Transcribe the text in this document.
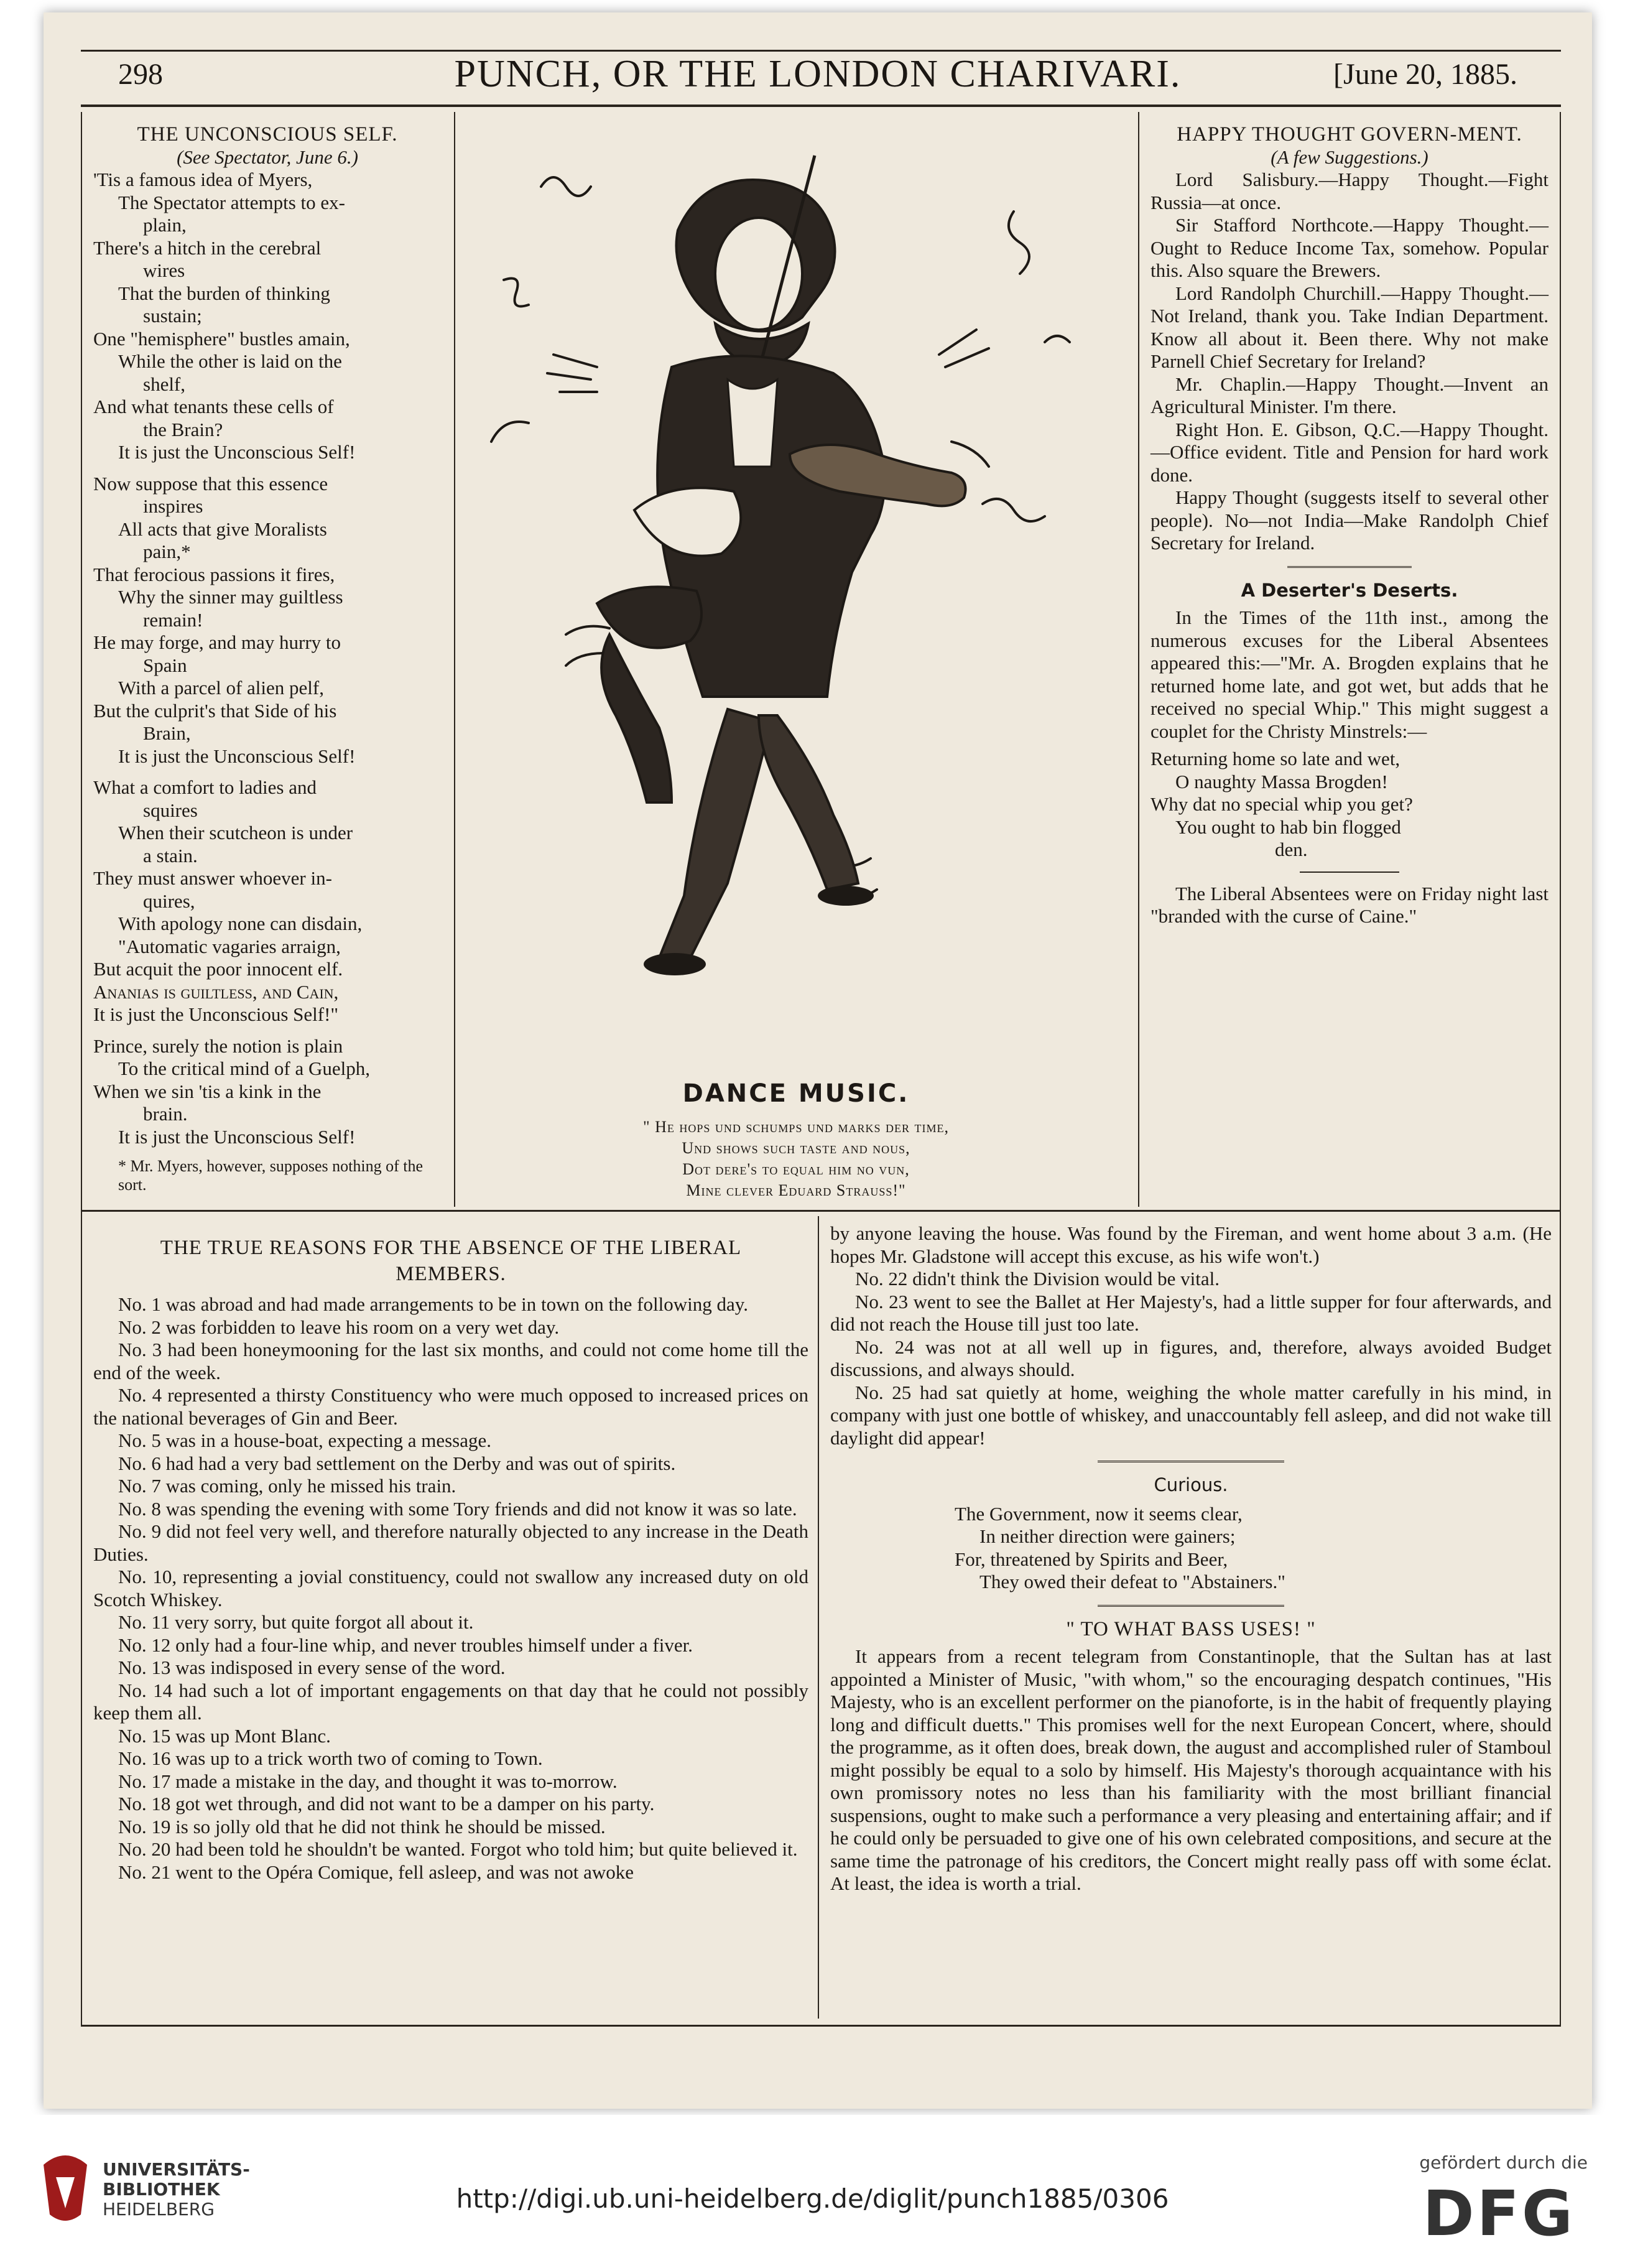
298	PUNCH, OR THE LONDON CHARIVARI.	[June 20, 1885.

THE UNCONSCIOUS SELF.

(See Spectator, June 6.)

'Tis a famous idea of Myers,

The Spectator attempts to ex-

plain,

There's a hitch in the cerebral

wires

That the burden of thinking

sustain;

One "hemisphere" bustles amain,

While the other is laid on the

shelf,

And what tenants these cells of

the Brain?

It is just the Unconscious Self!

Now suppose that this essence

inspires

All acts that give Moralists

pain,*

That ferocious passions it fires,

Why the sinner may guiltless

remain!

He may forge, and may hurry to

Spain

With a parcel of alien pelf,

But the culprit's that Side of his

Brain,

It is just the Unconscious Self!

What a comfort to ladies and

squires

When their scutcheon is under

a stain.

They must answer whoever in-

quires,

With apology none can disdain,

"Automatic vagaries arraign,

But acquit the poor innocent elf.

Ananias is guiltless, and Cain,

It is just the Unconscious Self!"

Prince, surely the notion is plain

To the critical mind of a Guelph,

When we sin 'tis a kink in the

brain.

It is just the Unconscious Self!

* Mr. Myers, however, supposes nothing of the sort.

DANCE MUSIC.
" He hops und schumps und marks der time,
Und shows such taste and nous,
Dot dere's to equal him no vun,
Mine clever Eduard Strauss!"

HAPPY THOUGHT GOVERN-MENT.

(A few Suggestions.)

Lord Salisbury.—Happy Thought.—Fight Russia—at once.

Sir Stafford Northcote.—Happy Thought.—Ought to Reduce Income Tax, somehow. Popular this. Also square the Brewers.

Lord Randolph Churchill.—Happy Thought.—Not Ireland, thank you. Take Indian Department. Know all about it. Been there. Why not make Parnell Chief Secretary for Ireland?

Mr. Chaplin.—Happy Thought.—Invent an Agricultural Minister. I'm there.

Right Hon. E. Gibson, Q.C.—Happy Thought.—Office evident. Title and Pension for hard work done.

Happy Thought (suggests itself to several other people). No—not India—Make Randolph Chief Secretary for Ireland.

A Deserter's Deserts.

In the Times of the 11th inst., among the numerous excuses for the Liberal Absentees appeared this:—"Mr. A. Brogden explains that he returned home late, and got wet, but adds that he received no special Whip." This might suggest a couplet for the Christy Minstrels:—

Returning home so late and wet,

O naughty Massa Brogden!

Why dat no special whip you get?

You ought to hab bin flogged

den.

The Liberal Absentees were on Friday night last "branded with the curse of Caine."

THE TRUE REASONS FOR THE ABSENCE OF THE LIBERAL MEMBERS.

No. 1 was abroad and had made arrangements to be in town on the following day.

No. 2 was forbidden to leave his room on a very wet day.

No. 3 had been honeymooning for the last six months, and could not come home till the end of the week.

No. 4 represented a thirsty Constituency who were much opposed to increased prices on the national beverages of Gin and Beer.

No. 5 was in a house-boat, expecting a message.

No. 6 had had a very bad settlement on the Derby and was out of spirits.

No. 7 was coming, only he missed his train.

No. 8 was spending the evening with some Tory friends and did not know it was so late.

No. 9 did not feel very well, and therefore naturally objected to any increase in the Death Duties.

No. 10, representing a jovial constituency, could not swallow any increased duty on old Scotch Whiskey.

No. 11 very sorry, but quite forgot all about it.

No. 12 only had a four-line whip, and never troubles himself under a fiver.

No. 13 was indisposed in every sense of the word.

No. 14 had such a lot of important engagements on that day that he could not possibly keep them all.

No. 15 was up Mont Blanc.

No. 16 was up to a trick worth two of coming to Town.

No. 17 made a mistake in the day, and thought it was to-morrow.

No. 18 got wet through, and did not want to be a damper on his party.

No. 19 is so jolly old that he did not think he should be missed.

No. 20 had been told he shouldn't be wanted. Forgot who told him; but quite believed it.

No. 21 went to the Opéra Comique, fell asleep, and was not awoke

by anyone leaving the house. Was found by the Fireman, and went home about 3 a.m. (He hopes Mr. Gladstone will accept this excuse, as his wife won't.)

No. 22 didn't think the Division would be vital.

No. 23 went to see the Ballet at Her Majesty's, had a little supper for four afterwards, and did not reach the House till just too late.

No. 24 was not at all well up in figures, and, therefore, always avoided Budget discussions, and always should.

No. 25 had sat quietly at home, weighing the whole matter carefully in his mind, in company with just one bottle of whiskey, and unaccountably fell asleep, and did not wake till daylight did appear!

Curious.

The Government, now it seems clear,

In neither direction were gainers;

For, threatened by Spirits and Beer,

They owed their defeat to "Abstainers."

" TO WHAT BASS USES! "

It appears from a recent telegram from Constantinople, that the Sultan has at last appointed a Minister of Music, "with whom," so the encouraging despatch continues, "His Majesty, who is an excellent performer on the pianoforte, is in the habit of frequently playing long and difficult duetts." This promises well for the next European Concert, where, should the programme, as it often does, break down, the august and accomplished ruler of Stamboul might possibly be equal to a solo by himself. His Majesty's thorough acquaintance with his own promissory notes no less than his familiarity with the most brilliant financial suspensions, ought to make such a performance a very pleasing and entertaining affair; and if he could only be persuaded to give one of his own celebrated compositions, and secure at the same time the patronage of his creditors, the Concert might really pass off with some éclat. At least, the idea is worth a trial.

UNIVERSITÄTS-
BIBLIOTHEK
HEIDELBERG	http://digi.ub.uni-heidelberg.de/diglit/punch1885/0306
gefördert durch die
DFG
